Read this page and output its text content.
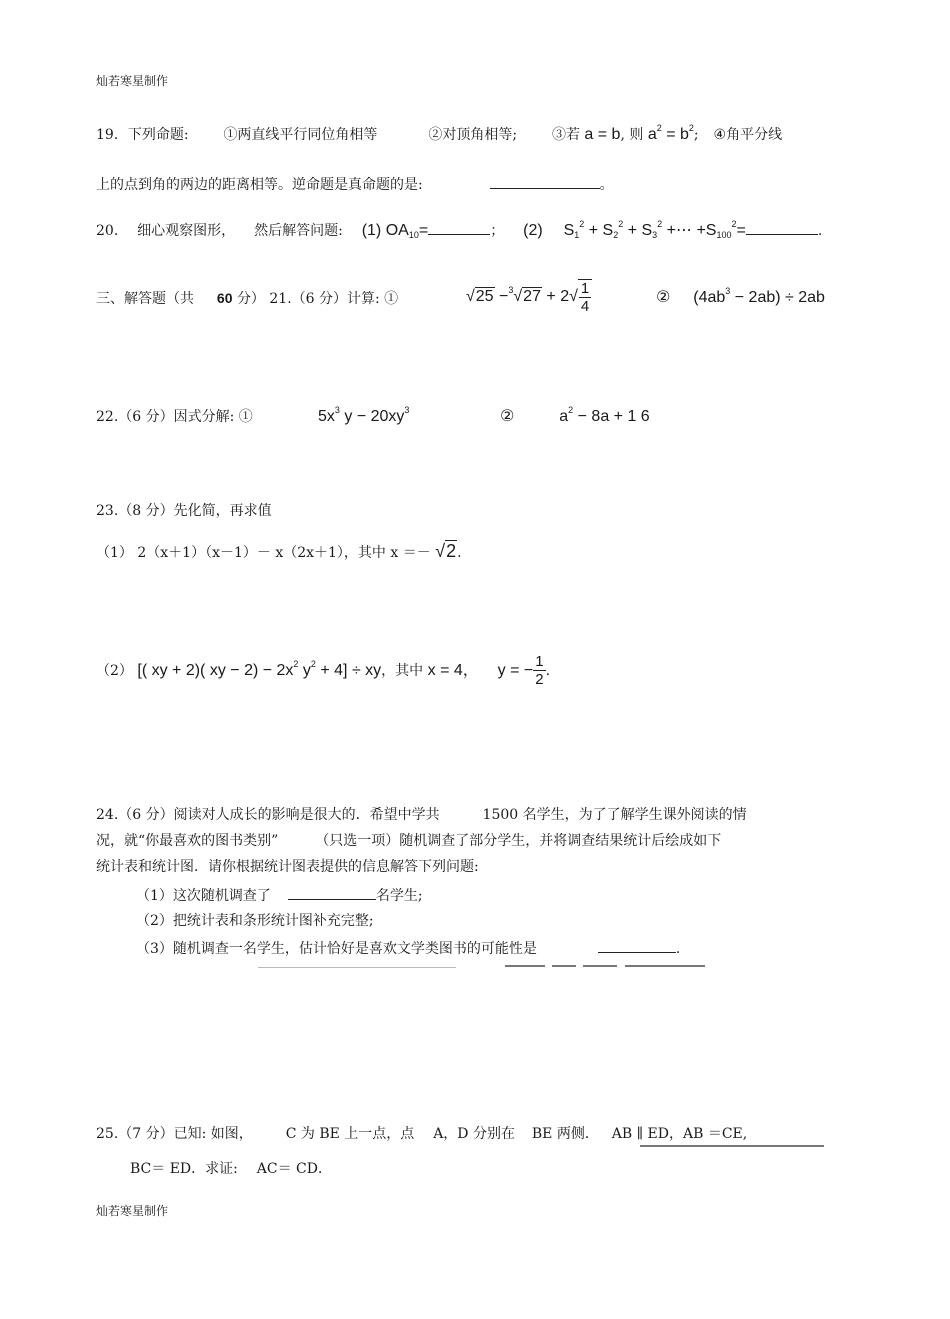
灿若寒星制作
19．下列命题: ①两直线平行同位角相等	②对顶角相等; ③若 a = b, 则 $a^2 = b^2$; ④角平分线
上的点到角的两边的距离相等。逆命题是真命题的是:	。
20. 细心观察图形， 然后解答问题: (1) $OA_{10}=$	； (2) $S_1^2 + S_2^2 + S_3^2$ +⋯ $+S_{100}^2=$	.
三、解答题（共 60 分） 21.（6 分）计算: ①	$√25 -^3√27 + 2√ \frac{1}{4}$	② $(4ab^3 - 2ab) \div 2ab$
22.（6 分）因式分解: ①	$5x^3$ $y - 20xy^3$	②	$a^2 - 8a + 1$ 6
23.（8 分）先化简，再求值
（1） 2（x＋1）（x－1）－ x（2x＋1），其中 x ＝－ √2.
（2） [( xy + 2)( xy − $2) - 2x^2$ $y^2 + 4$] ÷ xy，其中 x = 4， y = − $\frac{1}{2}$ .
24.（6 分）阅读对人成长的影响是很大的．希望中学共	1500 名学生，为了了解学生课外阅读的情
况，就“你最喜欢的图书类别”	（只选一项）随机调查了部分学生，并将调查结果统计后绘成如下
统计表和统计图．请你根据统计图表提供的信息解答下列问题:
（1）这次随机调查了	名学生;
（2）把统计表和条形统计图补充完整;
（3）随机调查一名学生，估计恰好是喜欢文学类图书的可能性是	.
25.（7 分）已知: 如图， C 为 BE 上一点，点 A，D 分别在 BE 两侧． AB ∥ ED，AB ＝CE,
BC＝ ED．求证: AC＝ CD．
灿若寒星制作
